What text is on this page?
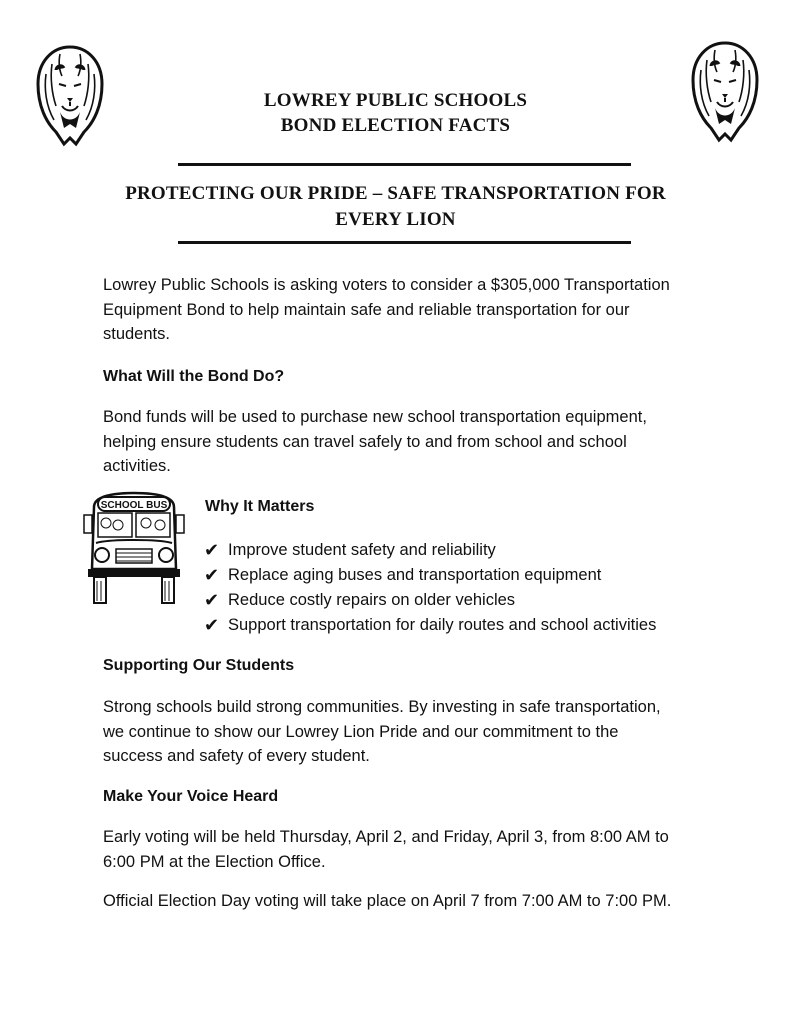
LOWREY PUBLIC SCHOOLS
BOND ELECTION FACTS
PROTECTING OUR PRIDE – SAFE TRANSPORTATION FOR
EVERY LION
Lowrey Public Schools is asking voters to consider a $305,000 Transportation
Equipment Bond to help maintain safe and reliable transportation for our
students.
What Will the Bond Do?
Bond funds will be used to purchase new school transportation equipment,
helping ensure students can travel safely to and from school and school
activities.
SCHOOL BUS Why It Matters
✔ Improve student safety and reliability
✔ Replace aging buses and transportation equipment
✔ Reduce costly repairs on older vehicles
✔ Support transportation for daily routes and school activities
Supporting Our Students
Strong schools build strong communities. By investing in safe transportation,
we continue to show our Lowrey Lion Pride and our commitment to the
success and safety of every student.
Make Your Voice Heard
Early voting will be held Thursday, April 2, and Friday, April 3, from 8:00 AM to
6:00 PM at the Election Office.
Official Election Day voting will take place on April 7 from 7:00 AM to 7:00 PM.
